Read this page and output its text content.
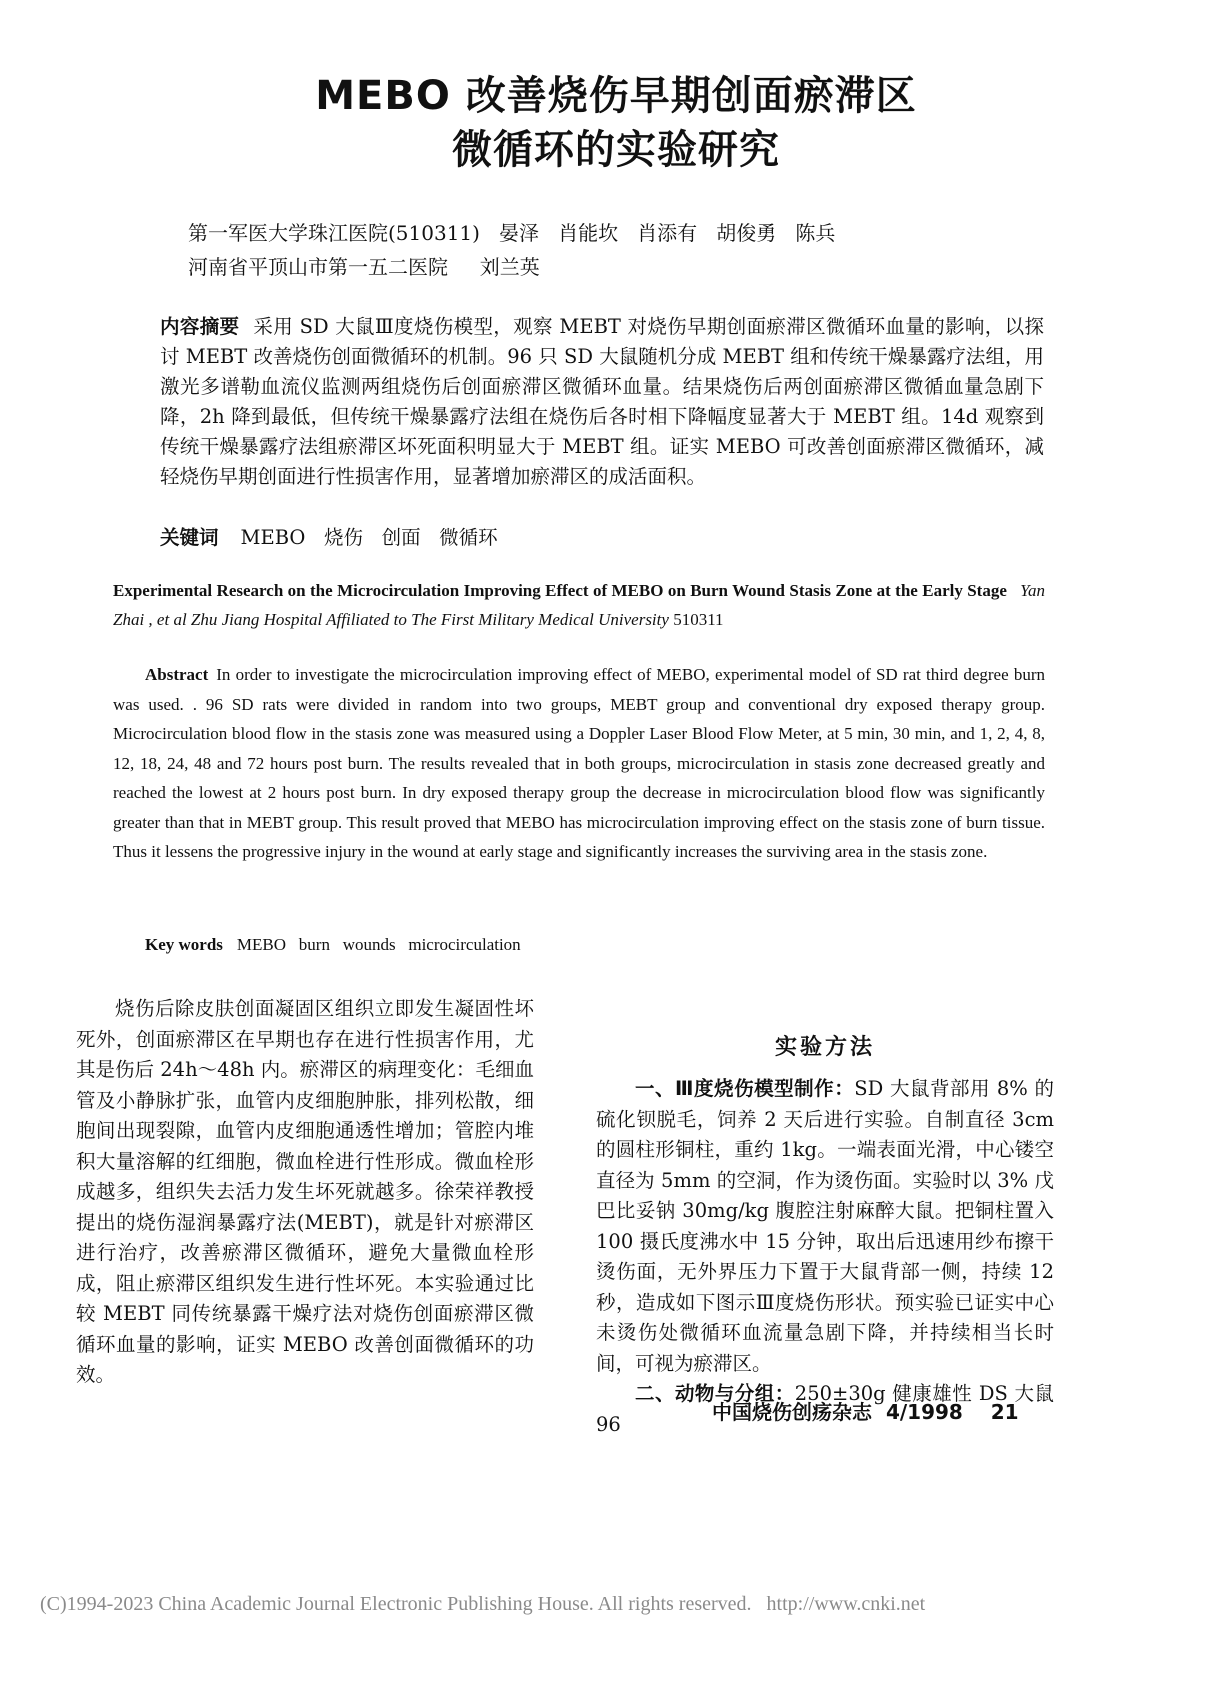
MEBO 改善烧伤早期创面瘀滞区
微循环的实验研究
第一军医大学珠江医院(510311)   晏泽   肖能坎   肖添有   胡俊勇   陈兵
河南省平顶山市第一五二医院     刘兰英
内容摘要 采用 SD 大鼠Ⅲ度烧伤模型，观察 MEBT 对烧伤早期创面瘀滞区微循环血量的影响，以探讨 MEBT 改善烧伤创面微循环的机制。96 只 SD 大鼠随机分成 MEBT 组和传统干燥暴露疗法组，用激光多谱勒血流仪监测两组烧伤后创面瘀滞区微循环血量。结果烧伤后两创面瘀滞区微循血量急剧下降，2h 降到最低，但传统干燥暴露疗法组在烧伤后各时相下降幅度显著大于 MEBT 组。14d 观察到传统干燥暴露疗法组瘀滞区坏死面积明显大于 MEBT 组。证实 MEBO 可改善创面瘀滞区微循环，减轻烧伤早期创面进行性损害作用，显著增加瘀滞区的成活面积。
关键词 MEBO   烧伤   创面   微循环
Experimental Research on the Microcirculation Improving Effect of MEBO on Burn Wound Stasis Zone at the Early Stage Yan Zhai , et al Zhu Jiang Hospital Affiliated to The First Military Medical University 510311
Abstract In order to investigate the microcirculation improving effect of MEBO, experimental model of SD rat third degree burn was used. . 96 SD rats were divided in random into two groups, MEBT group and conventional dry exposed therapy group. Microcirculation blood flow in the stasis zone was measured using a Doppler Laser Blood Flow Meter, at 5 min, 30 min, and 1, 2, 4, 8, 12, 18, 24, 48 and 72 hours post burn. The results revealed that in both groups, microcirculation in stasis zone decreased greatly and reached the lowest at 2 hours post burn. In dry exposed therapy group the decrease in microcirculation blood flow was significantly greater than that in MEBT group. This result proved that MEBO has microcirculation improving effect on the stasis zone of burn tissue. Thus it lessens the progressive injury in the wound at early stage and significantly increases the surviving area in the stasis zone.
Key words MEBO   burn   wounds   microcirculation

烧伤后除皮肤创面凝固区组织立即发生凝固性坏死外，创面瘀滞区在早期也存在进行性损害作用，尤其是伤后 24h～48h 内。瘀滞区的病理变化：毛细血管及小静脉扩张，血管内皮细胞肿胀，排列松散，细胞间出现裂隙，血管内皮细胞通透性增加；管腔内堆积大量溶解的红细胞，微血栓进行性形成。微血栓形成越多，组织失去活力发生坏死就越多。徐荣祥教授提出的烧伤湿润暴露疗法(MEBT)，就是针对瘀滞区进行治疗，改善瘀滞区微循环，避免大量微血栓形成，阻止瘀滞区组织发生进行性坏死。本实验通过比较 MEBT 同传统暴露干燥疗法对烧伤创面瘀滞区微循环血量的影响，证实 MEBO 改善创面微循环的功效。

实验方法

一、Ⅲ度烧伤模型制作：SD 大鼠背部用 8% 的硫化钡脱毛，饲养 2 天后进行实验。自制直径 3cm 的圆柱形铜柱，重约 1kg。一端表面光滑，中心镂空直径为 5mm 的空洞，作为烫伤面。实验时以 3% 戊巴比妥钠 30mg/kg 腹腔注射麻醉大鼠。把铜柱置入 100 摄氏度沸水中 15 分钟，取出后迅速用纱布擦干烫伤面，无外界压力下置于大鼠背部一侧，持续 12 秒，造成如下图示Ⅲ度烧伤形状。预实验已证实中心未烫伤处微循环血流量急剧下降，并持续相当长时间，可视为瘀滞区。

二、动物与分组：250±30g 健康雄性 DS 大鼠 96	中国烧伤创疡杂志 4/1998 21
(C)1994-2023 China Academic Journal Electronic Publishing House. All rights reserved. http://www.cnki.net
